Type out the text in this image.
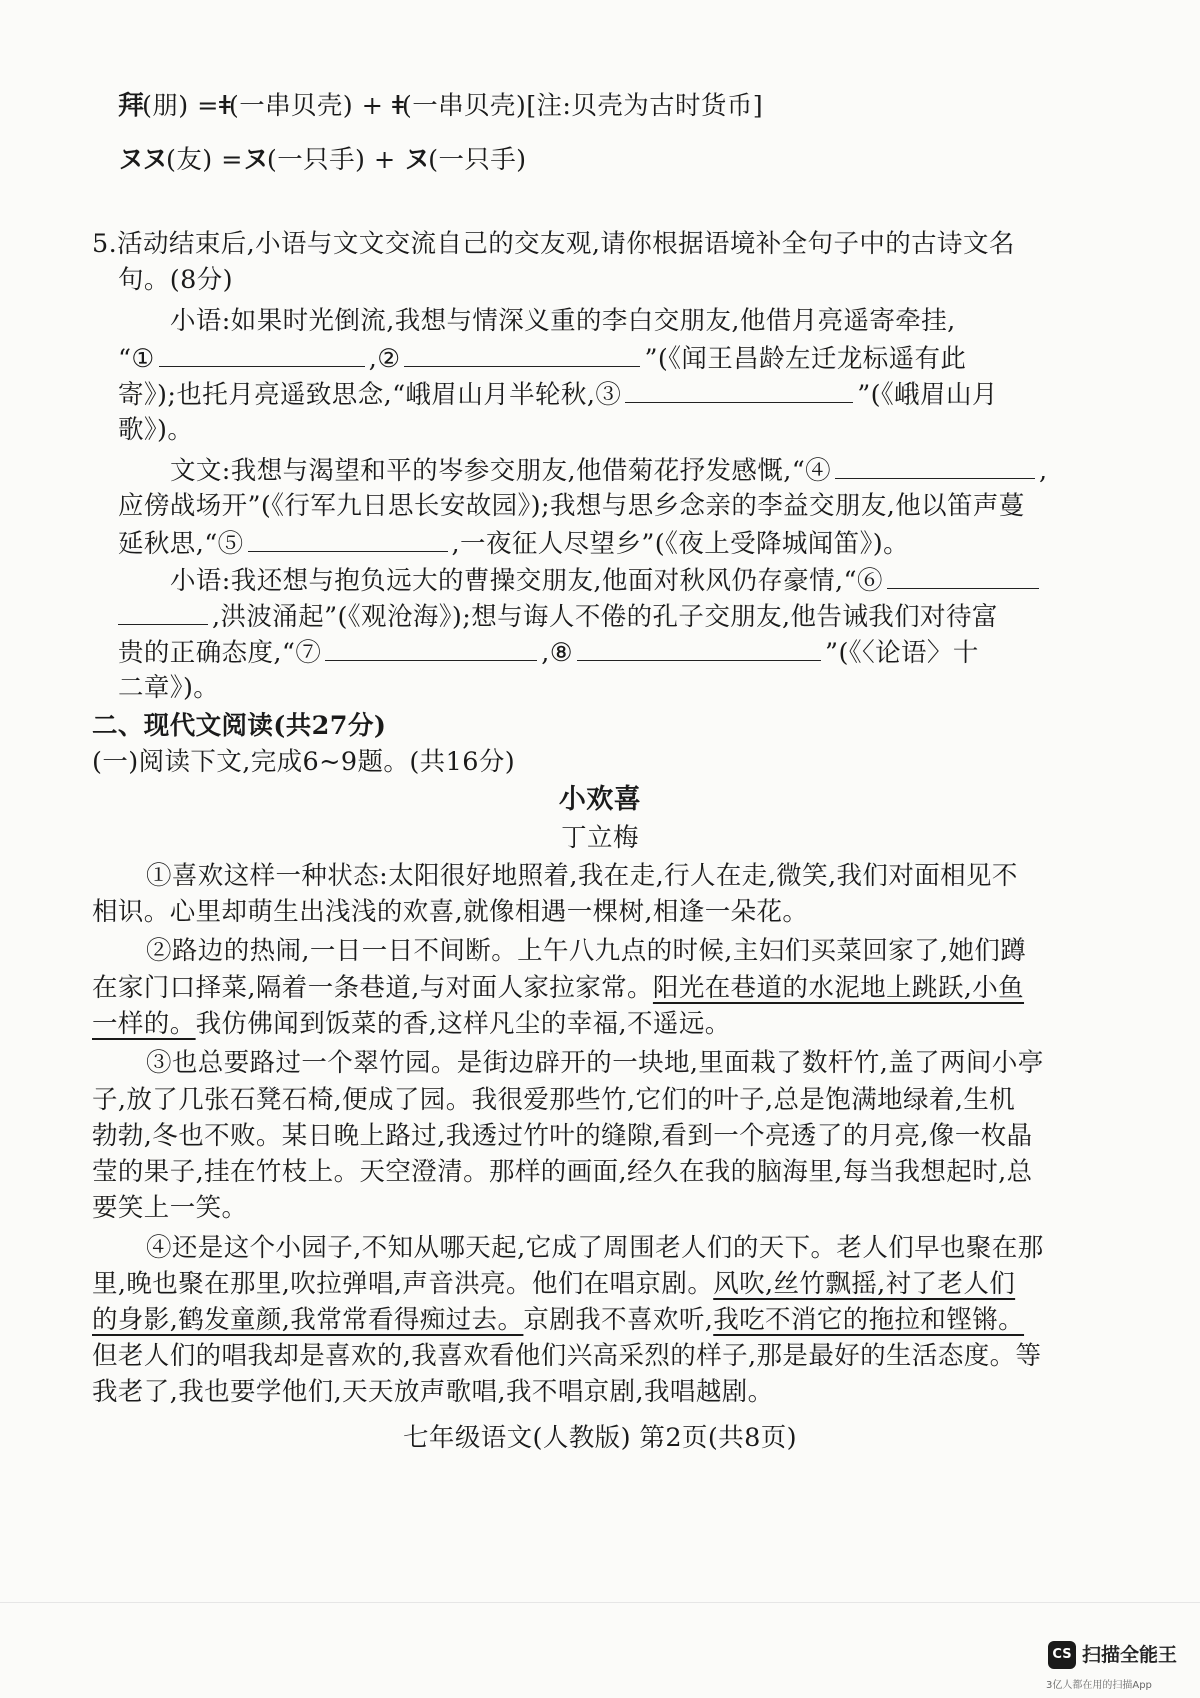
拜(朋) =ǂ(一串贝壳) + ǂ(一串贝壳)[注:贝壳为古时货币]
ヌヌ(友) =ヌ(一只手) + ヌ(一只手)
5.活动结束后,小语与文文交流自己的交友观,请你根据语境补全句子中的古诗文名
句。(8分)
小语:如果时光倒流,我想与情深义重的李白交朋友,他借月亮遥寄牵挂,
“①	,②	”(《闻王昌龄左迁龙标遥有此
寄》);也托月亮遥致思念,“峨眉山月半轮秋,③	”(《峨眉山月
歌》)。
文文:我想与渴望和平的岑参交朋友,他借菊花抒发感慨,“④	,
应傍战场开”(《行军九日思长安故园》);我想与思乡念亲的李益交朋友,他以笛声蔓
延秋思,“⑤	,一夜征人尽望乡”(《夜上受降城闻笛》)。
小语:我还想与抱负远大的曹操交朋友,他面对秋风仍存豪情,“⑥
,洪波涌起”(《观沧海》);想与诲人不倦的孔子交朋友,他告诫我们对待富
贵的正确态度,“⑦	,⑧	”(《〈论语〉十
二章》)。
二、现代文阅读(共27分)
(一)阅读下文,完成6~9题。(共16分)
小欢喜
丁立梅
①喜欢这样一种状态:太阳很好地照着,我在走,行人在走,微笑,我们对面相见不
相识。心里却萌生出浅浅的欢喜,就像相遇一棵树,相逢一朵花。
②路边的热闹,一日一日不间断。上午八九点的时候,主妇们买菜回家了,她们蹲
在家门口择菜,隔着一条巷道,与对面人家拉家常。阳光在巷道的水泥地上跳跃,小鱼
一样的。我仿佛闻到饭菜的香,这样凡尘的幸福,不遥远。
③也总要路过一个翠竹园。是街边辟开的一块地,里面栽了数杆竹,盖了两间小亭
子,放了几张石凳石椅,便成了园。我很爱那些竹,它们的叶子,总是饱满地绿着,生机
勃勃,冬也不败。某日晚上路过,我透过竹叶的缝隙,看到一个亮透了的月亮,像一枚晶
莹的果子,挂在竹枝上。天空澄清。那样的画面,经久在我的脑海里,每当我想起时,总
要笑上一笑。
④还是这个小园子,不知从哪天起,它成了周围老人们的天下。老人们早也聚在那
里,晚也聚在那里,吹拉弹唱,声音洪亮。他们在唱京剧。风吹,丝竹飘摇,衬了老人们
的身影,鹤发童颜,我常常看得痴过去。京剧我不喜欢听,我吃不消它的拖拉和铿锵。
但老人们的唱我却是喜欢的,我喜欢看他们兴高采烈的样子,那是最好的生活态度。等
我老了,我也要学他们,天天放声歌唱,我不唱京剧,我唱越剧。
七年级语文(人教版) 第2页(共8页)
CS 扫描全能王
3亿人都在用的扫描App
